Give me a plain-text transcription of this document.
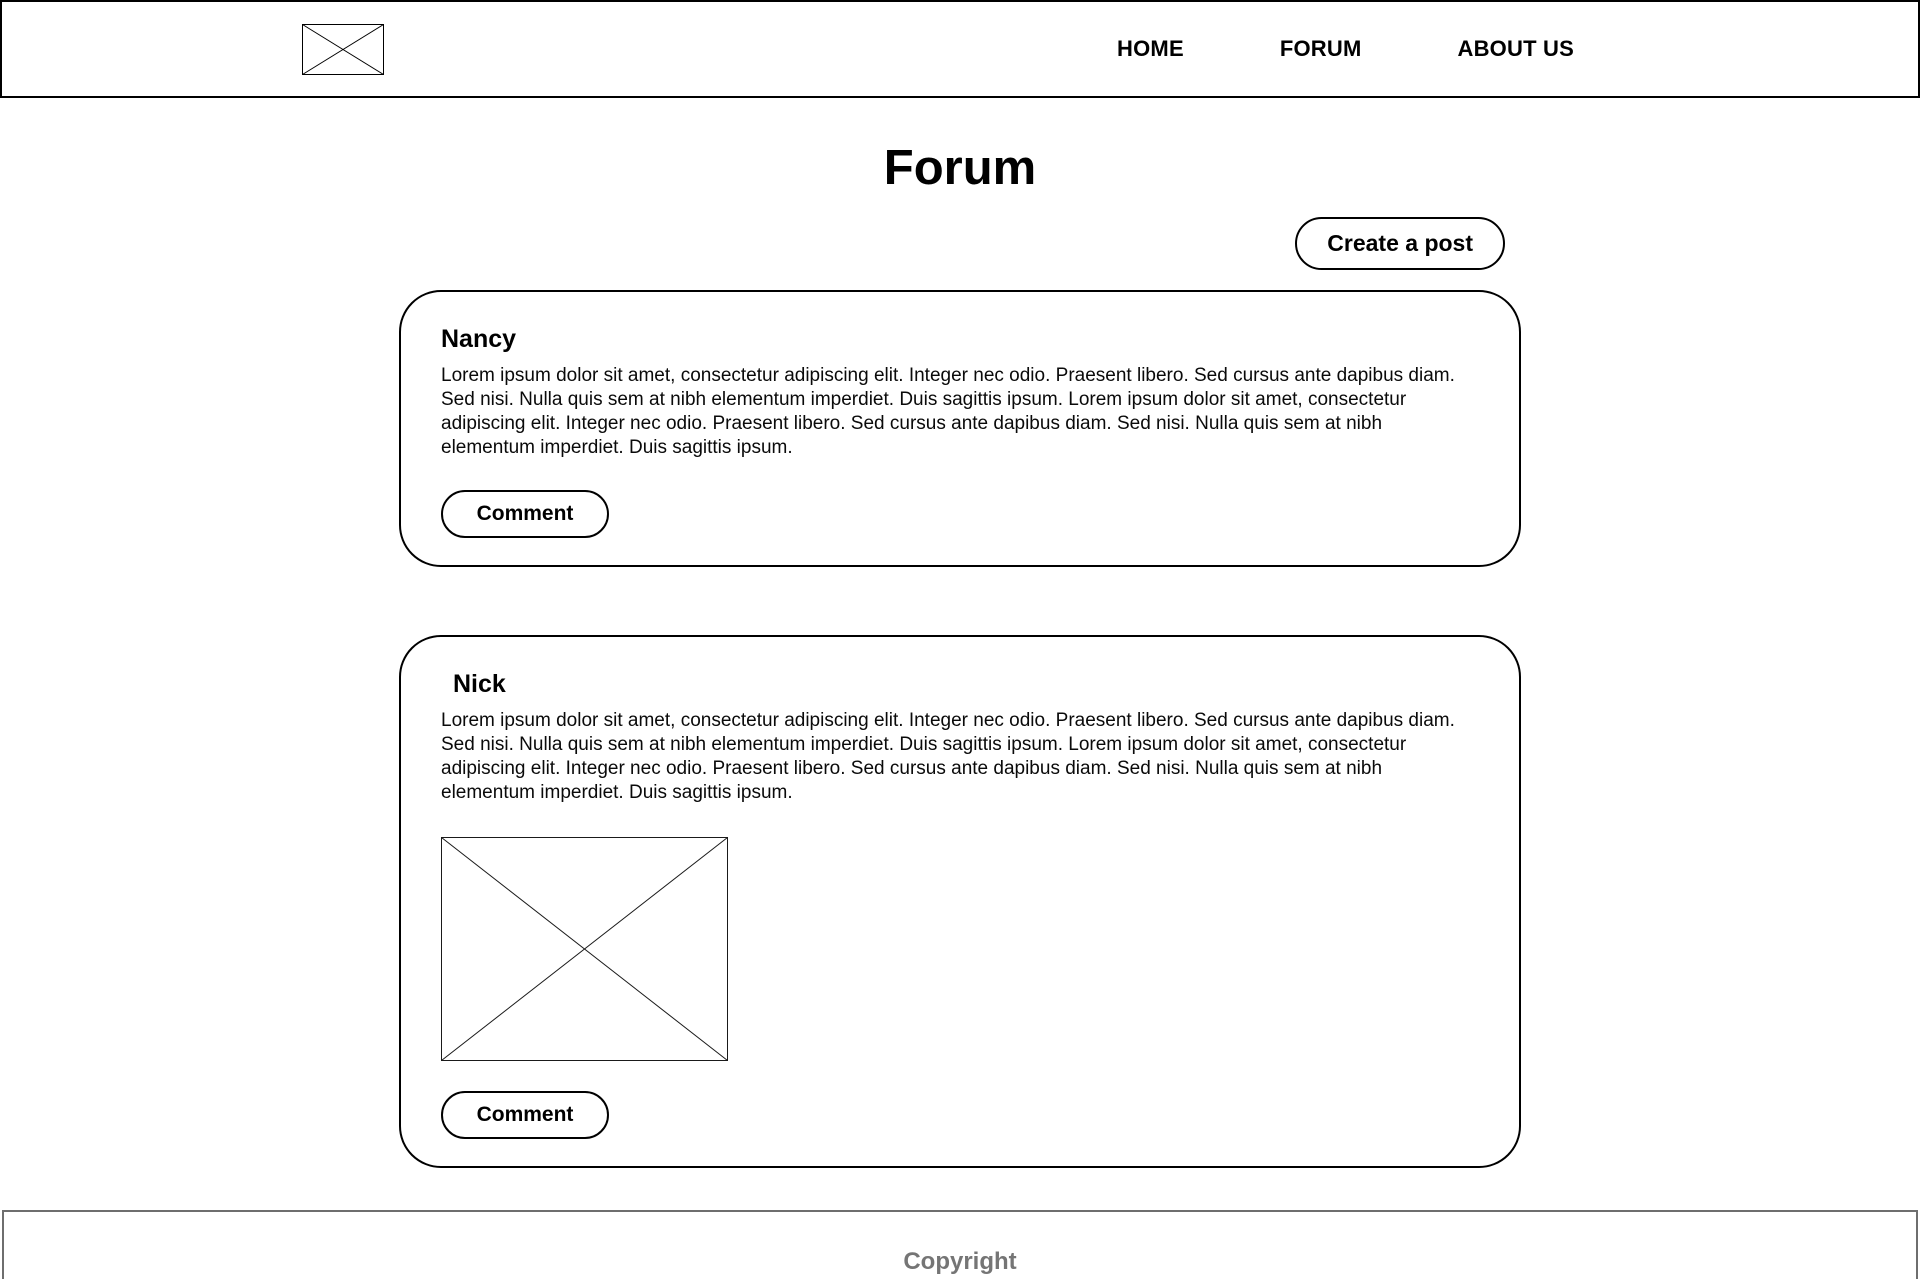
HOME	FORUM	ABOUT US
Forum
Create a post
Nancy

Lorem ipsum dolor sit amet, consectetur adipiscing elit. Integer nec odio. Praesent libero. Sed cursus ante dapibus diam. Sed nisi. Nulla quis sem at nibh elementum imperdiet. Duis sagittis ipsum. Lorem ipsum dolor sit amet, consectetur adipiscing elit. Integer nec odio. Praesent libero. Sed cursus ante dapibus diam. Sed nisi. Nulla quis sem at nibh elementum imperdiet. Duis sagittis ipsum.

Comment
Nick

Lorem ipsum dolor sit amet, consectetur adipiscing elit. Integer nec odio. Praesent libero. Sed cursus ante dapibus diam. Sed nisi. Nulla quis sem at nibh elementum imperdiet. Duis sagittis ipsum. Lorem ipsum dolor sit amet, consectetur adipiscing elit. Integer nec odio. Praesent libero. Sed cursus ante dapibus diam. Sed nisi. Nulla quis sem at nibh elementum imperdiet. Duis sagittis ipsum.

Comment
Copyright
